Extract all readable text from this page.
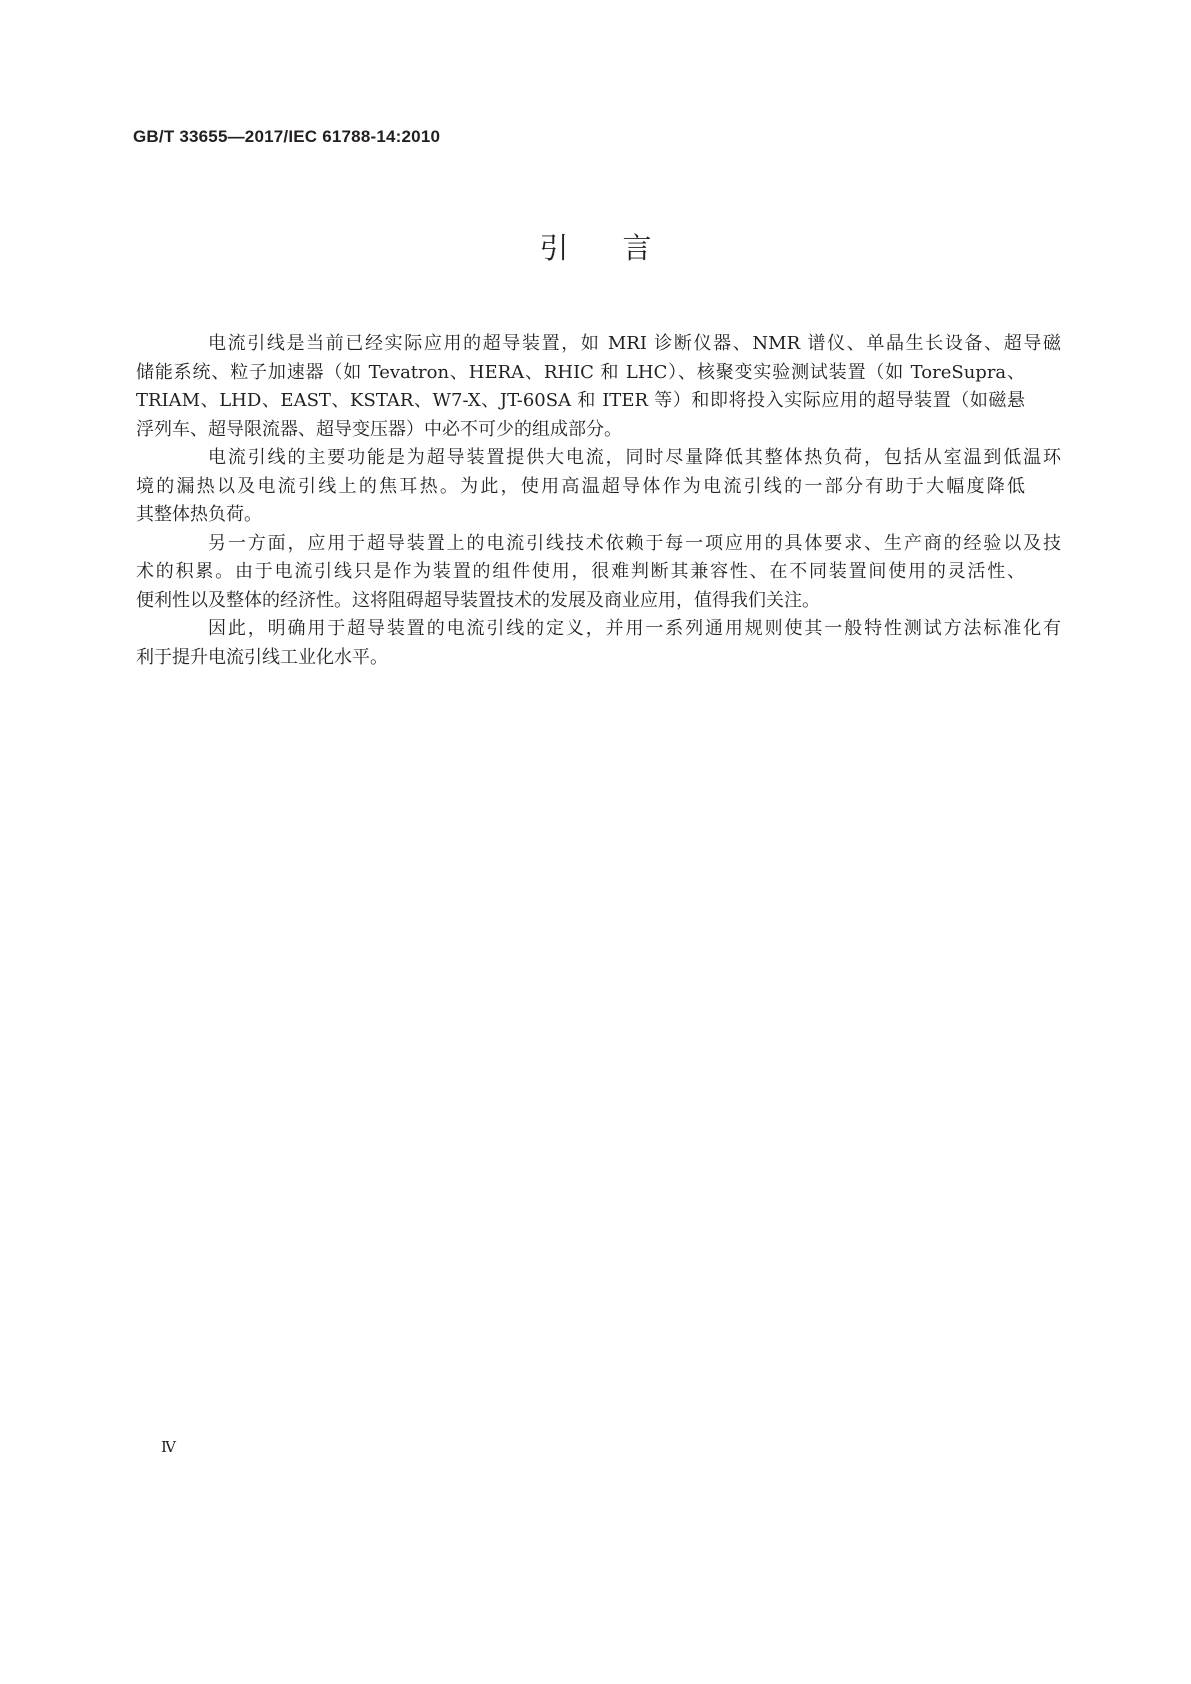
GB/T 33655—2017/IEC 61788-14:2010
引言

电流引线是当前已经实际应用的超导装置，如 MRI 诊断仪器、NMR 谱仪、单晶生长设备、超导磁
储能系统、粒子加速器（如 Tevatron、HERA、RHIC 和 LHC）、核聚变实验测试装置（如 ToreSupra、
TRIAM、LHD、EAST、KSTAR、W7-X、JT-60SA 和 ITER 等）和即将投入实际应用的超导装置（如磁悬
浮列车、超导限流器、超导变压器）中必不可少的组成部分。

电流引线的主要功能是为超导装置提供大电流，同时尽量降低其整体热负荷，包括从室温到低温环
境的漏热以及电流引线上的焦耳热。为此，使用高温超导体作为电流引线的一部分有助于大幅度降低
其整体热负荷。

另一方面，应用于超导装置上的电流引线技术依赖于每一项应用的具体要求、生产商的经验以及技
术的积累。由于电流引线只是作为装置的组件使用，很难判断其兼容性、在不同装置间使用的灵活性、
便利性以及整体的经济性。这将阻碍超导装置技术的发展及商业应用，值得我们关注。

因此，明确用于超导装置的电流引线的定义，并用一系列通用规则使其一般特性测试方法标准化有
利于提升电流引线工业化水平。

Ⅳ
